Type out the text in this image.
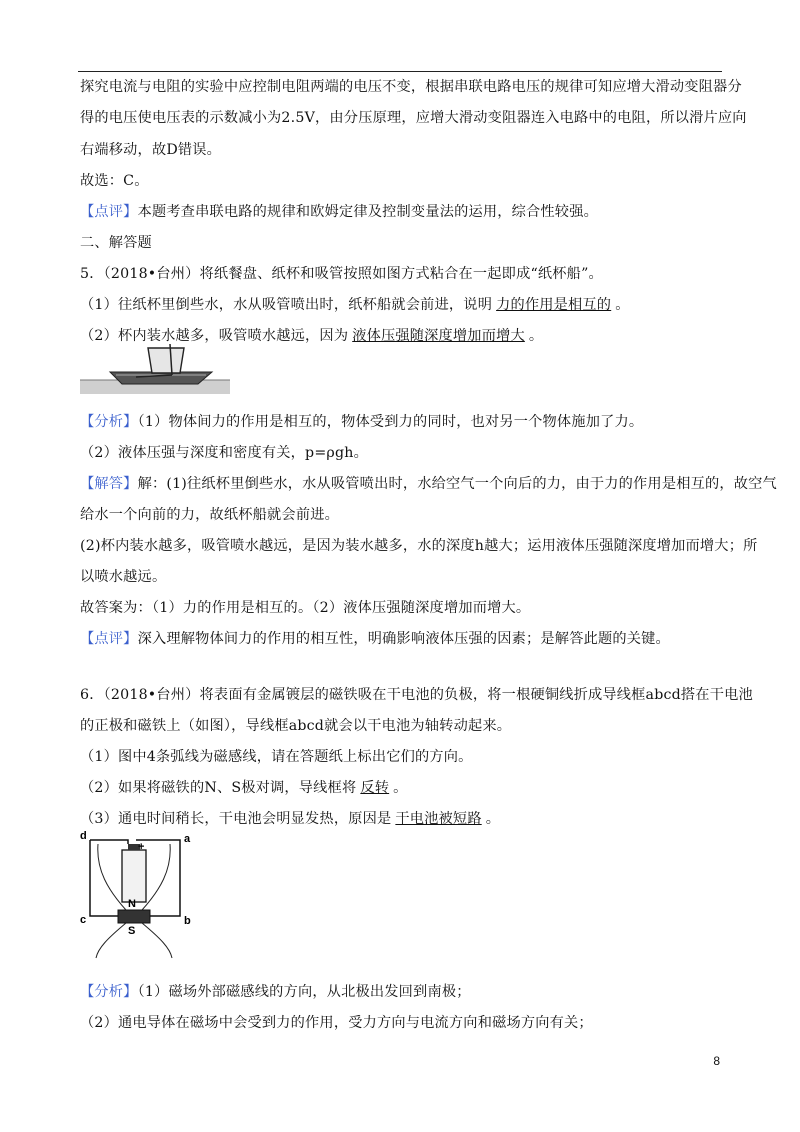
探究电流与电阻的实验中应控制电阻两端的电压不变，根据串联电路电压的规律可知应增大滑动变阻器分
得的电压使电压表的示数减小为2.5V，由分压原理，应增大滑动变阻器连入电路中的电阻，所以滑片应向
右端移动，故D错误。
故选：C。
【点评】本题考查串联电路的规律和欧姆定律及控制变量法的运用，综合性较强。
二、解答题
5．（2018•台州）将纸餐盘、纸杯和吸管按照如图方式粘合在一起即成“纸杯船”。
（1）往纸杯里倒些水，水从吸管喷出时，纸杯船就会前进，说明 力的作用是相互的 。
（2）杯内装水越多，吸管喷水越远，因为 液体压强随深度增加而增大 。
【分析】（1）物体间力的作用是相互的，物体受到力的同时，也对另一个物体施加了力。
（2）液体压强与深度和密度有关，p=ρgh。
【解答】解：(1)往纸杯里倒些水，水从吸管喷出时，水给空气一个向后的力，由于力的作用是相互的，故空气
给水一个向前的力，故纸杯船就会前进。
(2)杯内装水越多，吸管喷水越远，是因为装水越多，水的深度h越大；运用液体压强随深度增加而增大；所
以喷水越远。
故答案为：（1）力的作用是相互的。（2）液体压强随深度增加而增大。
【点评】深入理解物体间力的作用的相互性，明确影响液体压强的因素；是解答此题的关键。
6．（2018•台州）将表面有金属镀层的磁铁吸在干电池的负极，将一根硬铜线折成导线框abcd搭在干电池
的正极和磁铁上（如图），导线框abcd就会以干电池为轴转动起来。
（1）图中4条弧线为磁感线，请在答题纸上标出它们的方向。
（2）如果将磁铁的N、S极对调，导线框将 反转 。
（3）通电时间稍长，干电池会明显发热，原因是 干电池被短路 。
d	a
c	b
+
N
S
【分析】（1）磁场外部磁感线的方向，从北极出发回到南极；
（2）通电导体在磁场中会受到力的作用，受力方向与电流方向和磁场方向有关；
8
